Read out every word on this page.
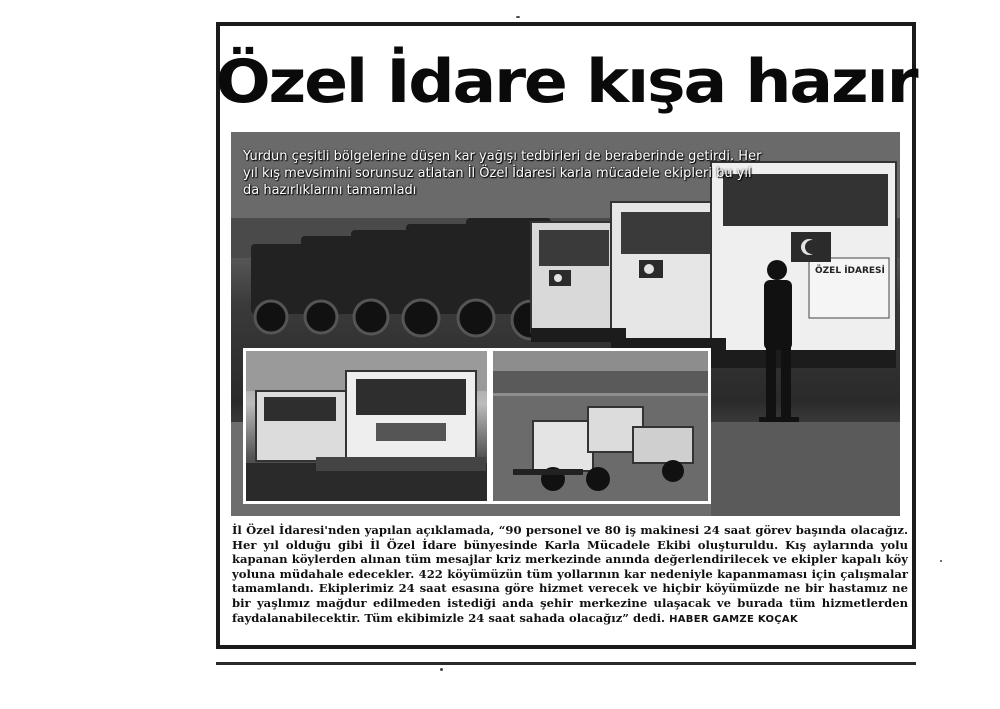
Özel İdare kışa hazır
Yurdun çeşitli bölgelerine düşen kar yağışı tedbirleri de beraberinde getirdi. Her yıl kış mevsimini sorunsuz atlatan İl Özel İdaresi karla mücadele ekipleri bu yıl da hazırlıklarını tamamladı
ÖZEL İDARESİ
İl Özel İdaresi'nden yapılan açıklamada, “90 personel ve 80 iş makinesi 24 saat görev başında olacağız. Her yıl olduğu gibi İl Özel İdare bünyesinde Karla Mücadele Ekibi oluşturuldu. Kış aylarında yolu kapanan köylerden alınan tüm mesajlar kriz merkezinde anında değerlendirilecek ve ekipler kapalı köy yoluna müdahale edecekler. 422 köyümüzün tüm yollarının kar nedeniyle kapanmaması için çalışmalar tamamlandı. Ekiplerimiz 24 saat esasına göre hizmet verecek ve hiçbir köyümüzde ne bir hastamız ne bir yaşlımız mağdur edilmeden istediği anda şehir merkezine ulaşacak ve burada tüm hizmetlerden faydalanabilecektir. Tüm ekibimizle 24 saat sahada olacağız” dedi. HABER GAMZE KOÇAK
